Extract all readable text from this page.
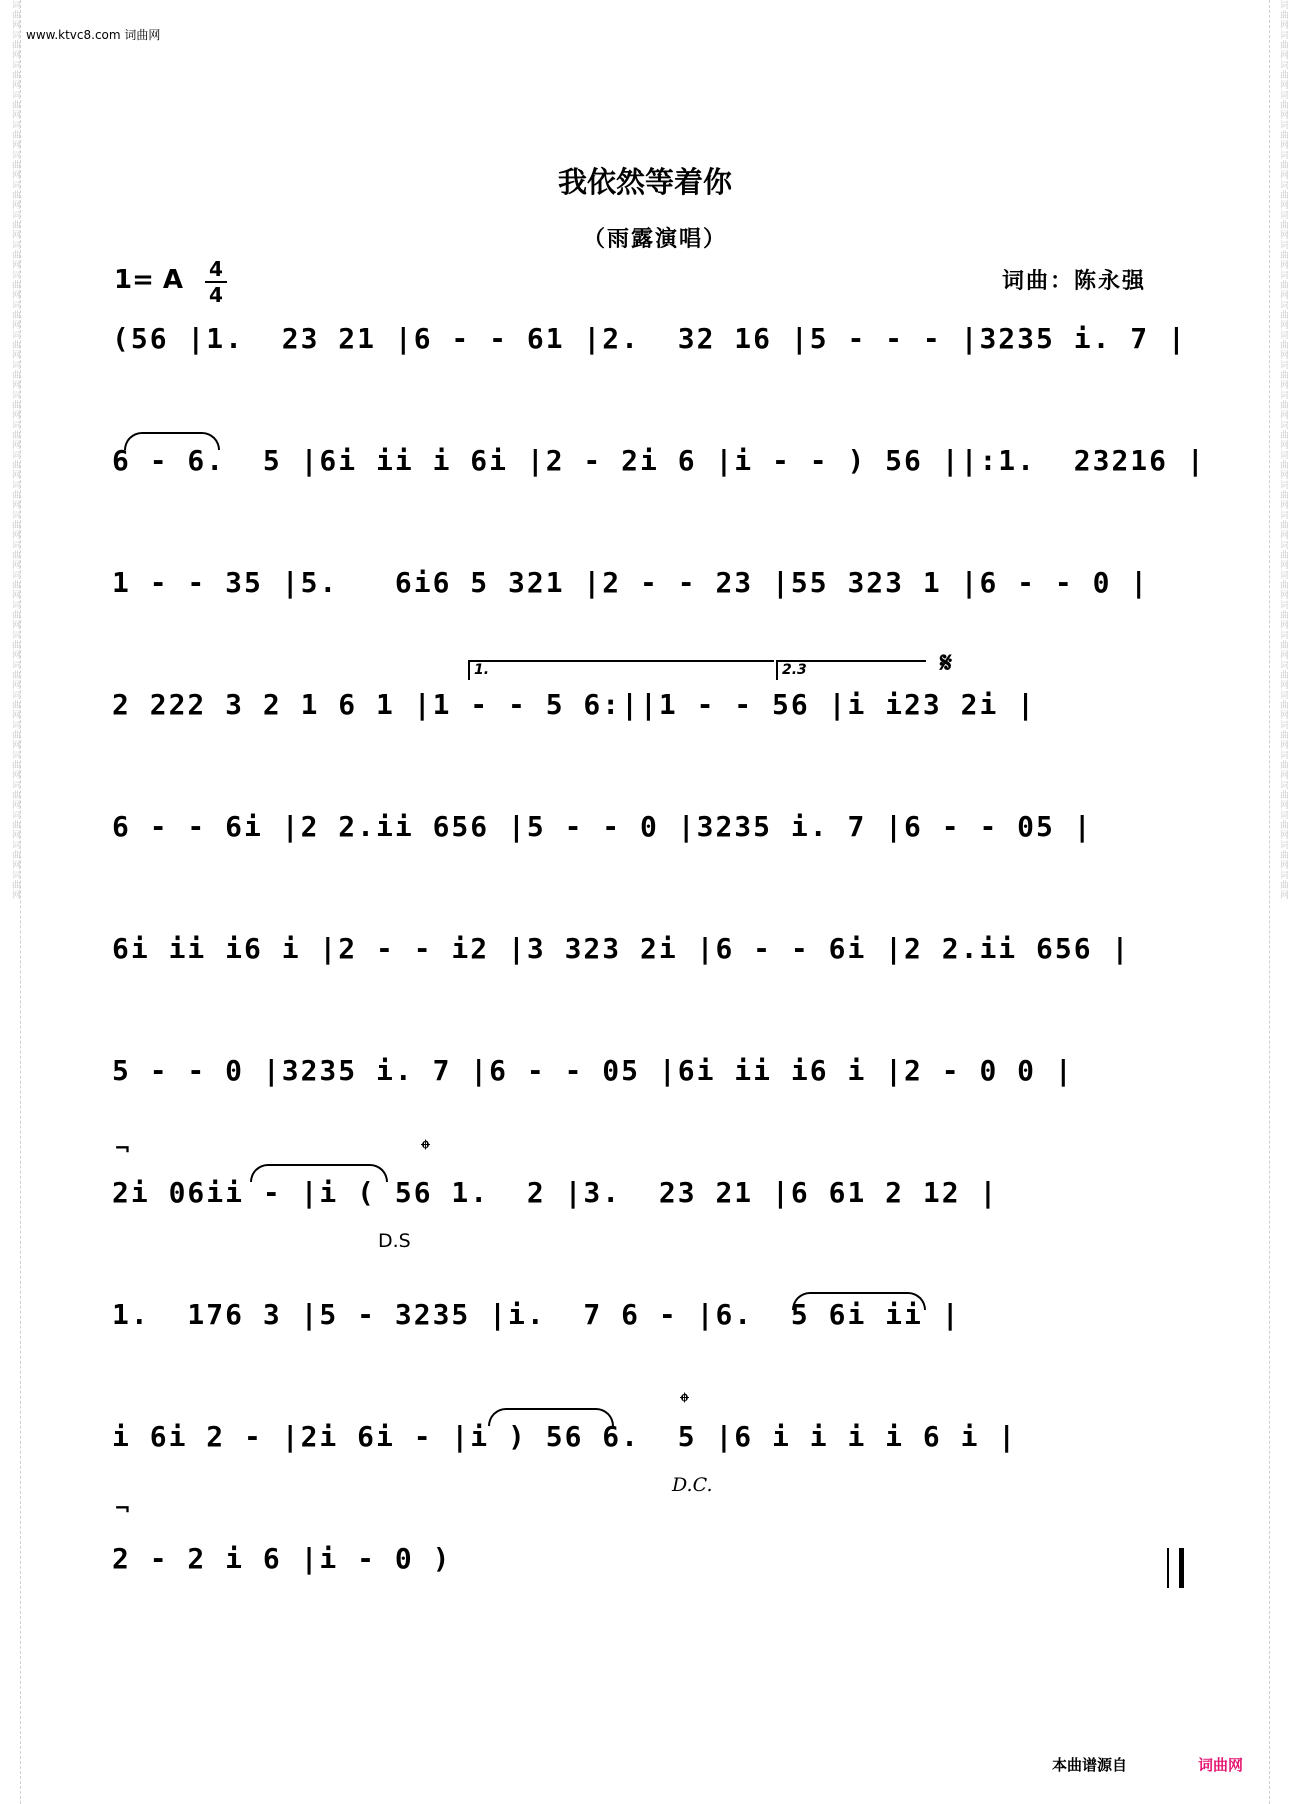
词曲网词曲网词曲网词曲网词曲网词曲网词曲网词曲网词曲网词曲网词曲网词曲网词曲网词曲网词曲网词曲网词曲网词曲网词曲网词曲网词曲网词曲网词曲网词曲网词曲网词曲网词曲网词曲网词曲网词曲网	词曲网词曲网词曲网词曲网词曲网词曲网词曲网词曲网词曲网词曲网词曲网词曲网词曲网词曲网词曲网词曲网词曲网词曲网词曲网词曲网词曲网词曲网词曲网词曲网词曲网词曲网词曲网词曲网词曲网词曲网
www.ktvc8.com 词曲网
我依然等着你
（雨露演唱）
1= A 4
4
词曲：陈永强
(56 |1.  23 21 |6 - - 61 |2.  32 16 |5 - - - |3235 i. 7 |
6 - 6.  5 |6i ii i 6i |2 - 2i 6 |i - - ) 56 ||:1.  23216 |
1 - - 35 |5.   6i6 5 321 |2 - - 23 |55 323 1 |6 - - 0 |
2 222 3 2 1 6 1 |1 - - 5 6:||1 - - 56 |i i23 2i |
6 - - 6i |2 2.ii 656 |5 - - 0 |3235 i. 7 |6 - - 05 |
6i ii i6 i |2 - - i2 |3 323 2i |6 - - 6i |2 2.ii 656 |
5 - - 0 |3235 i. 7 |6 - - 05 |6i ii i6 i |2 - 0 0 |
2i 06ii - |i ( 56 1.  2 |3.  23 21 |6 61 2 12 |
1.  176 3 |5 - 3235 |i.  7 6 - |6.  5 6i ii |
i 6i 2 - |2i 6i - |i ) 56 6.  5 |6 i i i i 6 i |
2 - 2 i 6 |i - 0 )
1.	2.3	𝄋
𝄌
𝄌
D.S
D.C.
¬
¬
本曲谱源自	词曲网
